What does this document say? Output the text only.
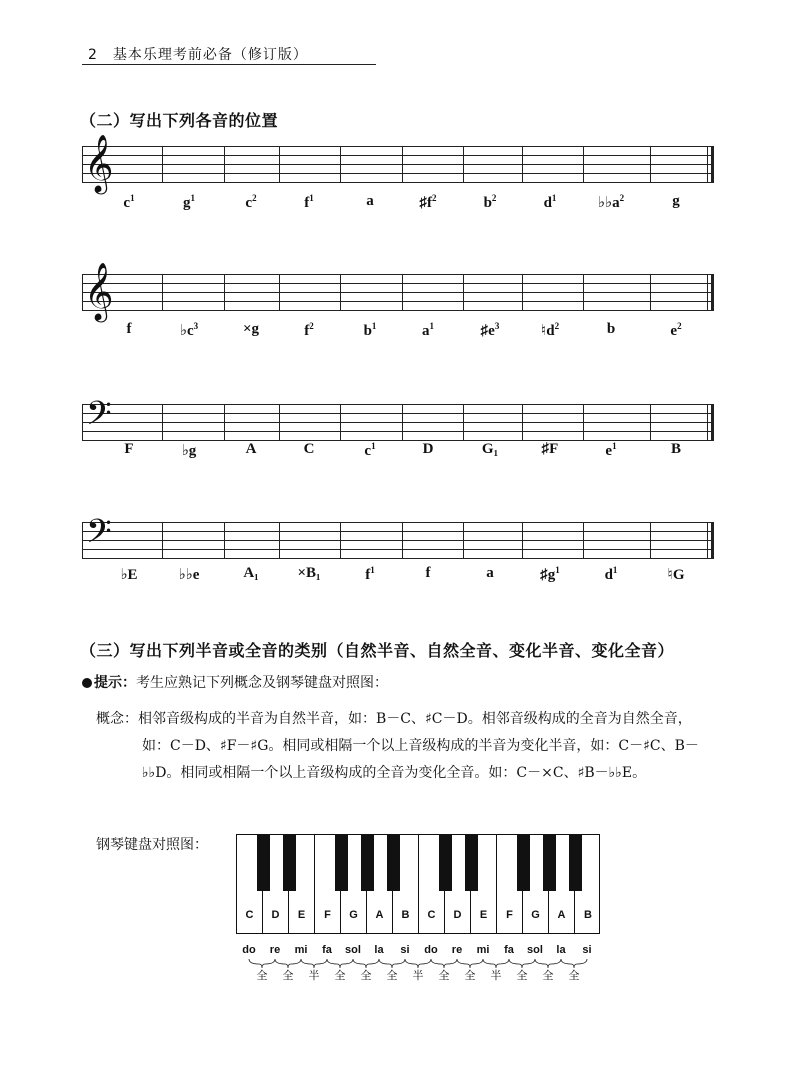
2　基本乐理考前必备（修订版）
（二）写出下列各音的位置
𝄞
$c^1$	$g^1$	$c^2$	$f^1$	a	$♯f^2$	$b^2$	$d^1$	$♭♭a^2$	g
𝄞
f	$♭c^3$	×g	$f^2$	$b^1$	$a^1$	$♯e^3$	$♮d^2$	b	$e^2$
𝄢
F	♭g	A	C	$c^1$	D	G₁	♯F	$e^1$	B
𝄢
♭E	♭♭e	A₁	×B₁	$f^1$	f	a	$♯g^1$	$d^1$	♮G
（三）写出下列半音或全音的类别（自然半音、自然全音、变化半音、变化全音）
提示：考生应熟记下列概念及钢琴键盘对照图：

概念：相邻音级构成的半音为自然半音，如：B－C、♯C－D。相邻音级构成的全音为自然全音，如：C－D、♯F－♯G。相同或相隔一个以上音级构成的半音为变化半音，如：C－♯C、B－♭♭D。相同或相隔一个以上音级构成的全音为变化全音。如：C－×C、♯B－♭♭E。

钢琴键盘对照图：
C	D	E	F	G	A	B	C	D	E	F	G	A	B
do re mi fa sol la si do re mi fa sol la si
全 全 半 全 全 全 半 全 全 半 全 全 全
